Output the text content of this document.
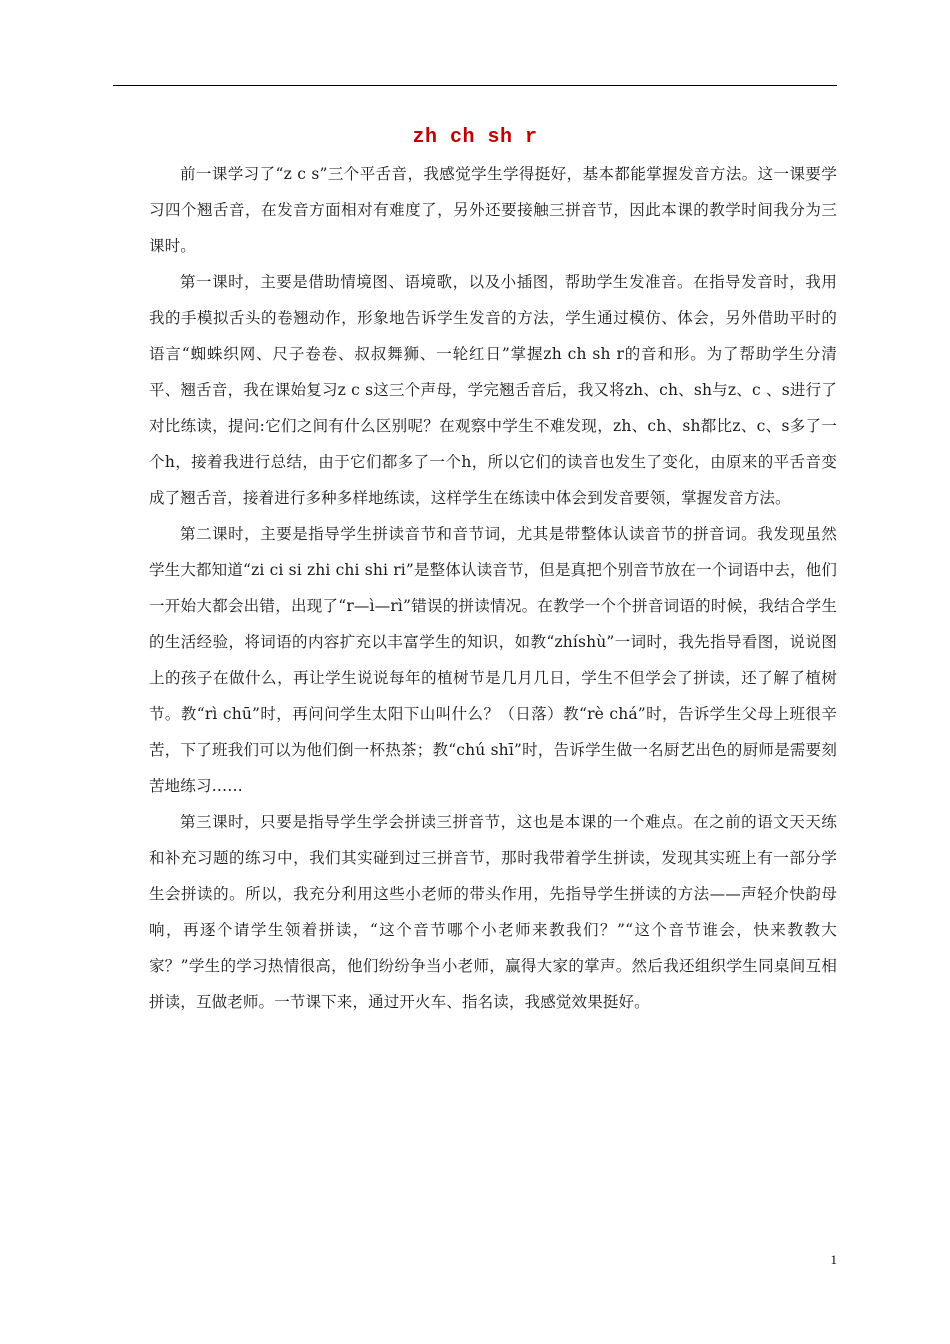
zh ch sh r

前一课学习了“z c s”三个平舌音，我感觉学生学得挺好，基本都能掌握发音方法。这一课要学习四个翘舌音，在发音方面相对有难度了，另外还要接触三拼音节，因此本课的教学时间我分为三课时。

第一课时，主要是借助情境图、语境歌，以及小插图，帮助学生发准音。在指导发音时，我用我的手模拟舌头的卷翘动作，形象地告诉学生发音的方法，学生通过模仿、体会，另外借助平时的语言“蜘蛛织网、尺子卷卷、叔叔舞狮、一轮红日”掌握zh ch sh r的音和形。为了帮助学生分清平、翘舌音，我在课始复习z c s这三个声母，学完翘舌音后，我又将zh、ch、sh与z、c 、s进行了对比练读，提问:它们之间有什么区别呢？在观察中学生不难发现，zh、ch、sh都比z、c、s多了一个h，接着我进行总结，由于它们都多了一个h，所以它们的读音也发生了变化，由原来的平舌音变成了翘舌音，接着进行多种多样地练读，这样学生在练读中体会到发音要领，掌握发音方法。

第二课时，主要是指导学生拼读音节和音节词，尤其是带整体认读音节的拼音词。我发现虽然学生大都知道“zi ci si zhi chi shi ri”是整体认读音节，但是真把个别音节放在一个词语中去，他们一开始大都会出错，出现了“r—ì—rì”错误的拼读情况。在教学一个个拼音词语的时候，我结合学生的生活经验，将词语的内容扩充以丰富学生的知识，如教“zhíshù”一词时，我先指导看图，说说图上的孩子在做什么，再让学生说说每年的植树节是几月几日，学生不但学会了拼读，还了解了植树节。教“rì chū”时，再问问学生太阳下山叫什么？（日落）教“rè chá”时，告诉学生父母上班很辛苦，下了班我们可以为他们倒一杯热茶；教“chú shī”时，告诉学生做一名厨艺出色的厨师是需要刻苦地练习……

第三课时，只要是指导学生学会拼读三拼音节，这也是本课的一个难点。在之前的语文天天练和补充习题的练习中，我们其实碰到过三拼音节，那时我带着学生拼读，发现其实班上有一部分学生会拼读的。所以，我充分利用这些小老师的带头作用，先指导学生拼读的方法——声轻介快韵母响，再逐个请学生领着拼读，“这个音节哪个小老师来教我们？”“这个音节谁会，快来教教大家？”学生的学习热情很高，他们纷纷争当小老师，赢得大家的掌声。然后我还组织学生同桌间互相拼读，互做老师。一节课下来，通过开火车、指名读，我感觉效果挺好。

1
